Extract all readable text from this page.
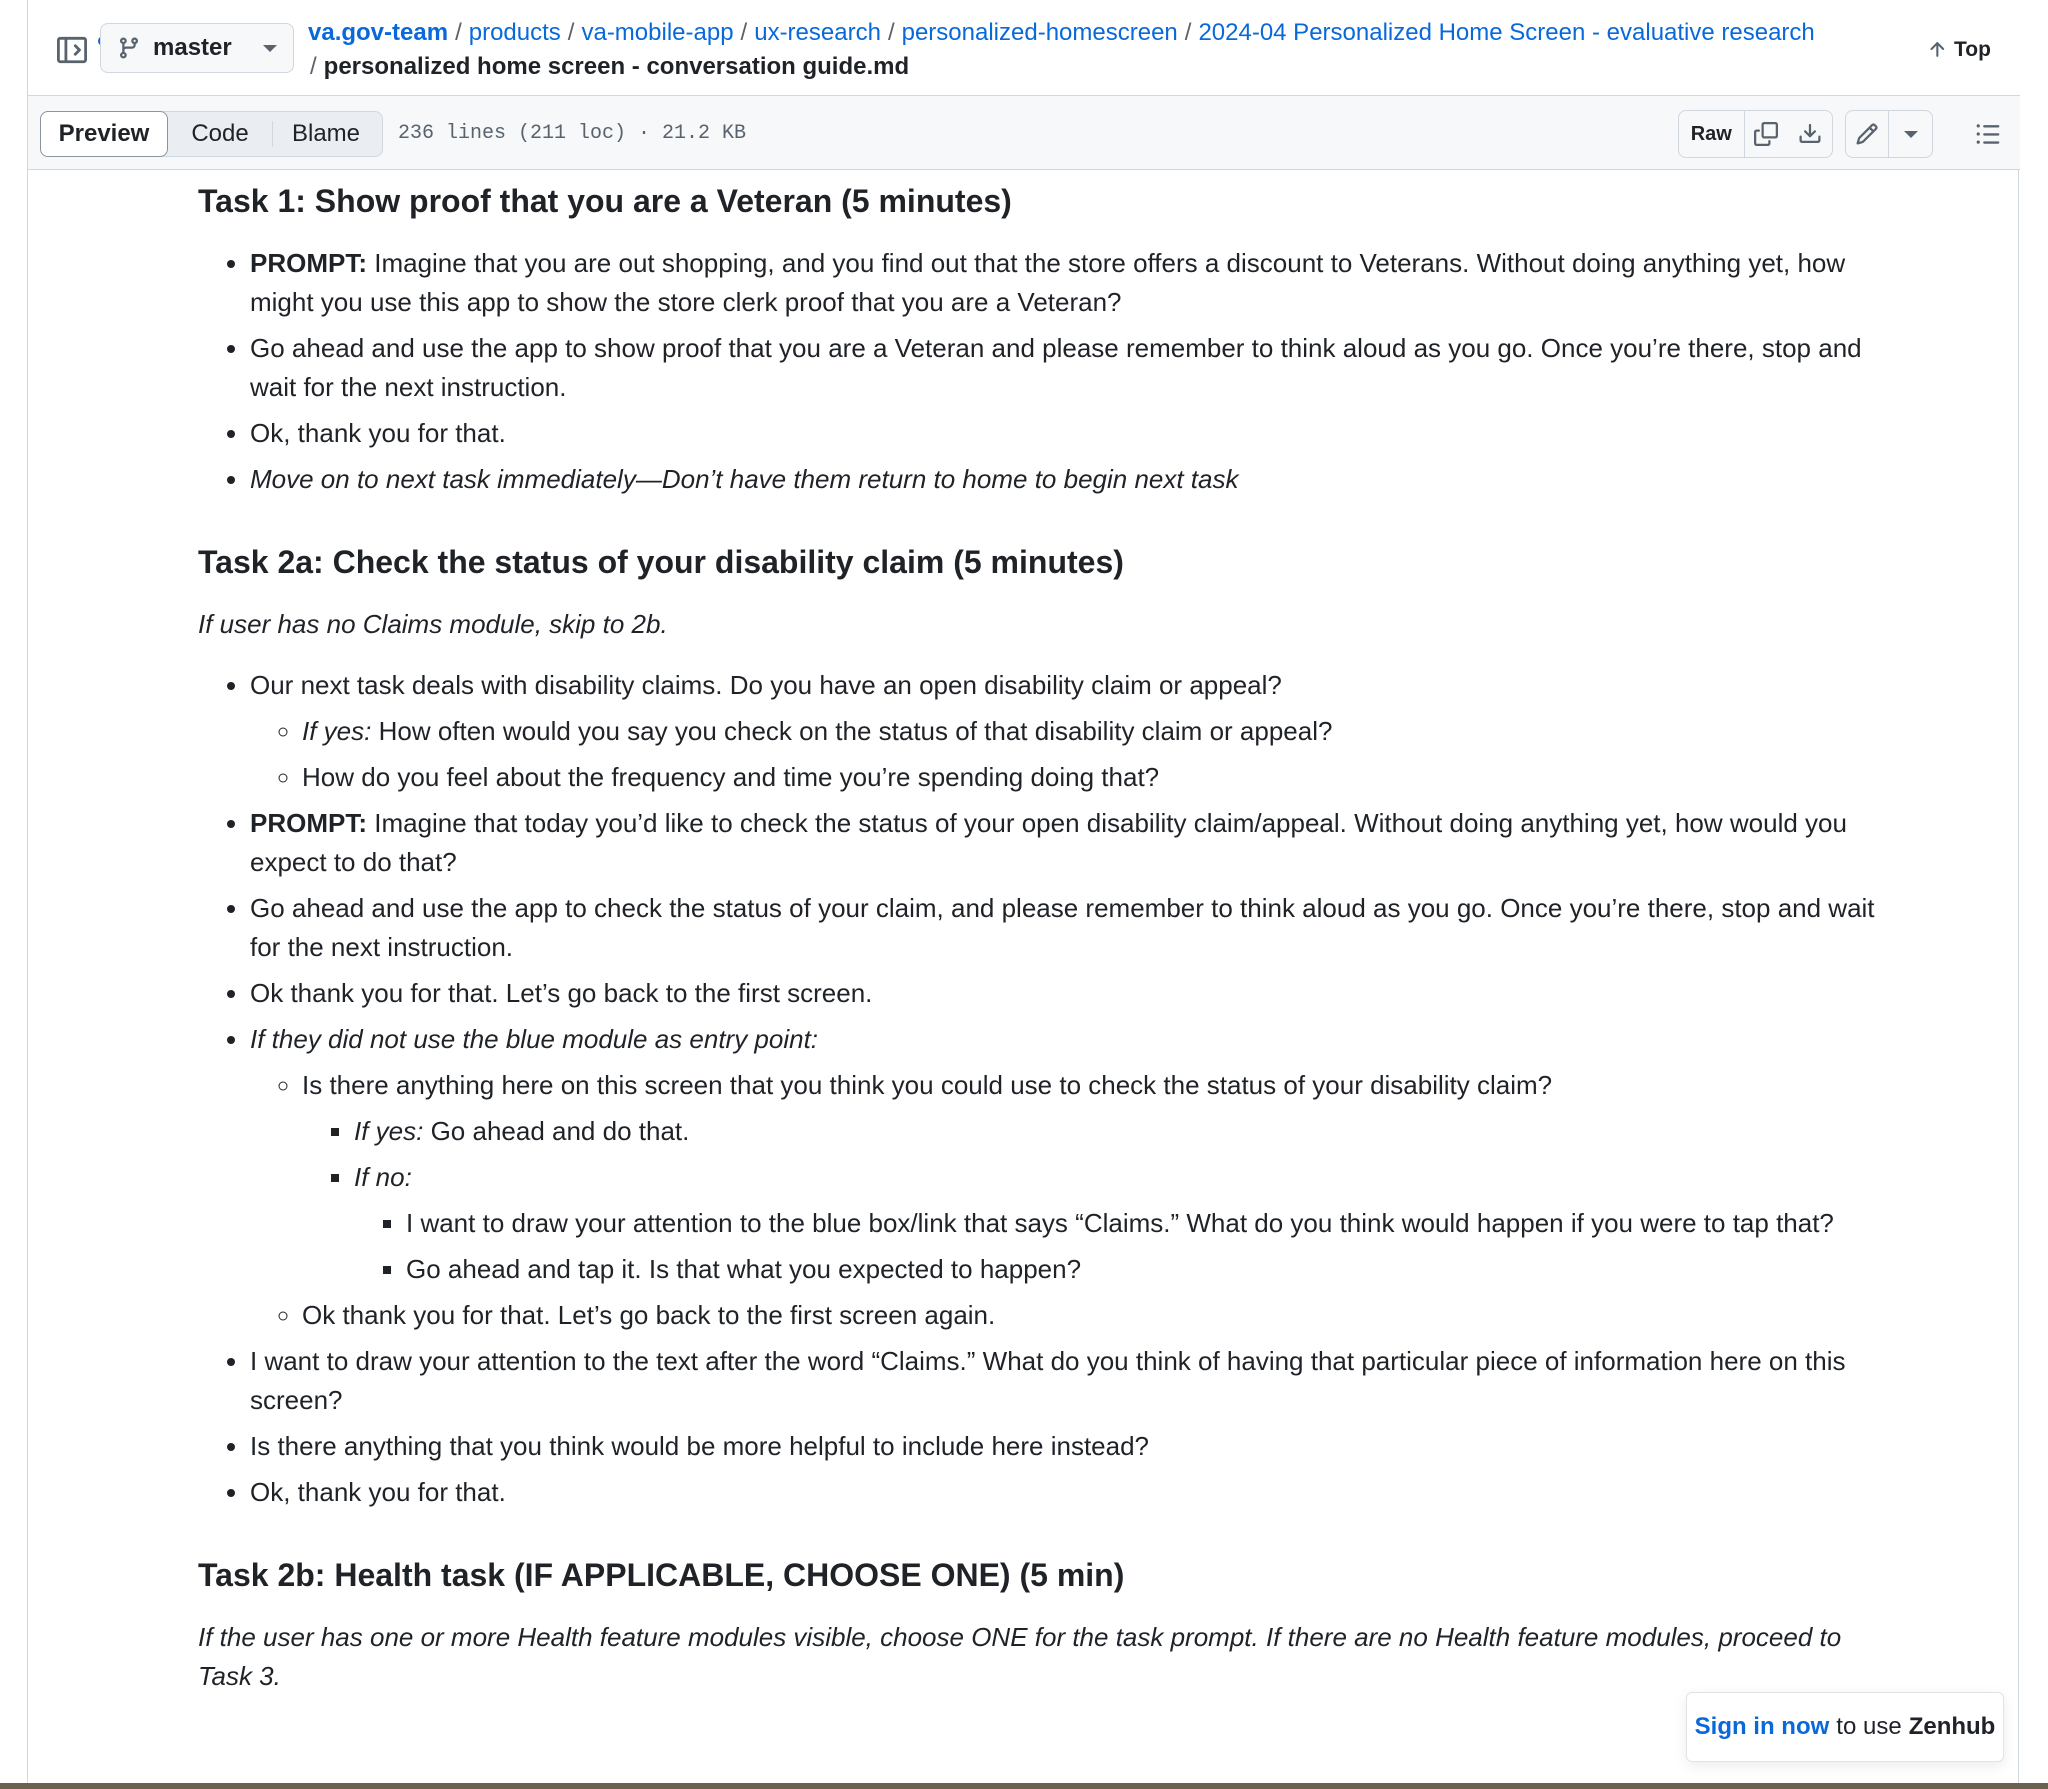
master
va.gov-team / products / va-mobile-app / ux-research / personalized-homescreen / 2024-04 Personalized Home Screen - evaluative research
/ personalized home screen - conversation guide.md
Top
Preview	Code	Blame	236 lines (211 loc) · 21.2 KB	Raw
Task 1: Show proof that you are a Veteran (5 minutes)
• PROMPT: Imagine that you are out shopping, and you find out that the store offers a discount to Veterans. Without doing anything yet, how might you use this app to show the store clerk proof that you are a Veteran?
• Go ahead and use the app to show proof that you are a Veteran and please remember to think aloud as you go. Once you’re there, stop and wait for the next instruction.
• Ok, thank you for that.
• Move on to next task immediately—Don’t have them return to home to begin next task
Task 2a: Check the status of your disability claim (5 minutes)

If user has no Claims module, skip to 2b.

• Our next task deals with disability claims. Do you have an open disability claim or appeal?
◦ If yes: How often would you say you check on the status of that disability claim or appeal?
◦ How do you feel about the frequency and time you’re spending doing that?
• PROMPT: Imagine that today you’d like to check the status of your open disability claim/appeal. Without doing anything yet, how would you expect to do that?
• Go ahead and use the app to check the status of your claim, and please remember to think aloud as you go. Once you’re there, stop and wait for the next instruction.
• Ok thank you for that. Let’s go back to the first screen.
• If they did not use the blue module as entry point:
◦ Is there anything here on this screen that you think you could use to check the status of your disability claim?
▪ If yes: Go ahead and do that.
▪ If no:
▪ I want to draw your attention to the blue box/link that says “Claims.” What do you think would happen if you were to tap that?
▪ Go ahead and tap it. Is that what you expected to happen?
◦ Ok thank you for that. Let’s go back to the first screen again.
• I want to draw your attention to the text after the word “Claims.” What do you think of having that particular piece of information here on this screen?
• Is there anything that you think would be more helpful to include here instead?
• Ok, thank you for that.
Task 2b: Health task (IF APPLICABLE, CHOOSE ONE) (5 min)

If the user has one or more Health feature modules visible, choose ONE for the task prompt. If there are no Health feature modules, proceed to Task 3.

Sign in now to use Zenhub
